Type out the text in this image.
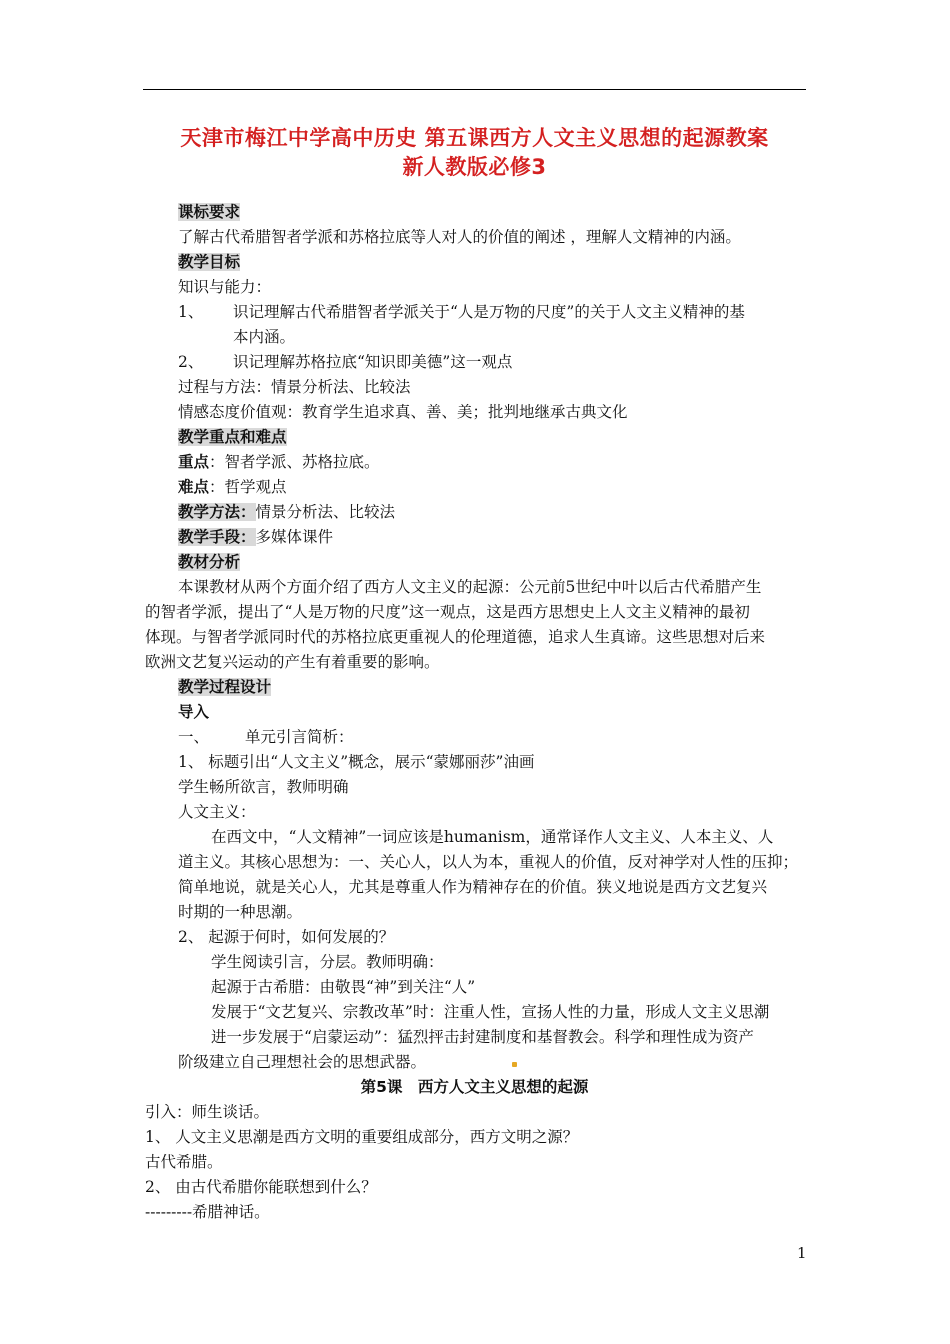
天津市梅江中学高中历史 第五课西方人文主义思想的起源教案
新人教版必修3
课标要求
了解古代希腊智者学派和苏格拉底等人对人的价值的阐述 ，理解人文精神的内涵。
教学目标
知识与能力：
1、 识记理解古代希腊智者学派关于“人是万物的尺度”的关于人文主义精神的基
本内涵。
2、 识记理解苏格拉底“知识即美德”这一观点
过程与方法：情景分析法、比较法
情感态度价值观：教育学生追求真、善、美；批判地继承古典文化
教学重点和难点
重点：智者学派、苏格拉底。
难点：哲学观点
教学方法：情景分析法、比较法
教学手段：多媒体课件
教材分析
本课教材从两个方面介绍了西方人文主义的起源：公元前5世纪中叶以后古代希腊产生
的智者学派，提出了“人是万物的尺度”这一观点，这是西方思想史上人文主义精神的最初
体现。与智者学派同时代的苏格拉底更重视人的伦理道德，追求人生真谛。这些思想对后来
欧洲文艺复兴运动的产生有着重要的影响。
教学过程设计
导入
一、 单元引言简析：
1、 标题引出“人文主义”概念，展示“蒙娜丽莎”油画
学生畅所欲言，教师明确
人文主义：
在西文中，“人文精神”一词应该是humanism，通常译作人文主义、人本主义、人
道主义。其核心思想为：一、关心人，以人为本，重视人的价值，反对神学对人性的压抑；
简单地说，就是关心人，尤其是尊重人作为精神存在的价值。狭义地说是西方文艺复兴
时期的一种思潮。
2、 起源于何时，如何发展的？
学生阅读引言，分层。教师明确：
起源于古希腊：由敬畏“神”到关注“人”
发展于“文艺复兴、宗教改革”时：注重人性，宣扬人性的力量，形成人文主义思潮
进一步发展于“启蒙运动”：猛烈抨击封建制度和基督教会。科学和理性成为资产
阶级建立自己理想社会的思想武器。
第5课　西方人文主义思想的起源
引入：师生谈话。
1、 人文主义思潮是西方文明的重要组成部分，西方文明之源？
古代希腊。
2、 由古代希腊你能联想到什么？
---------希腊神话。
1
